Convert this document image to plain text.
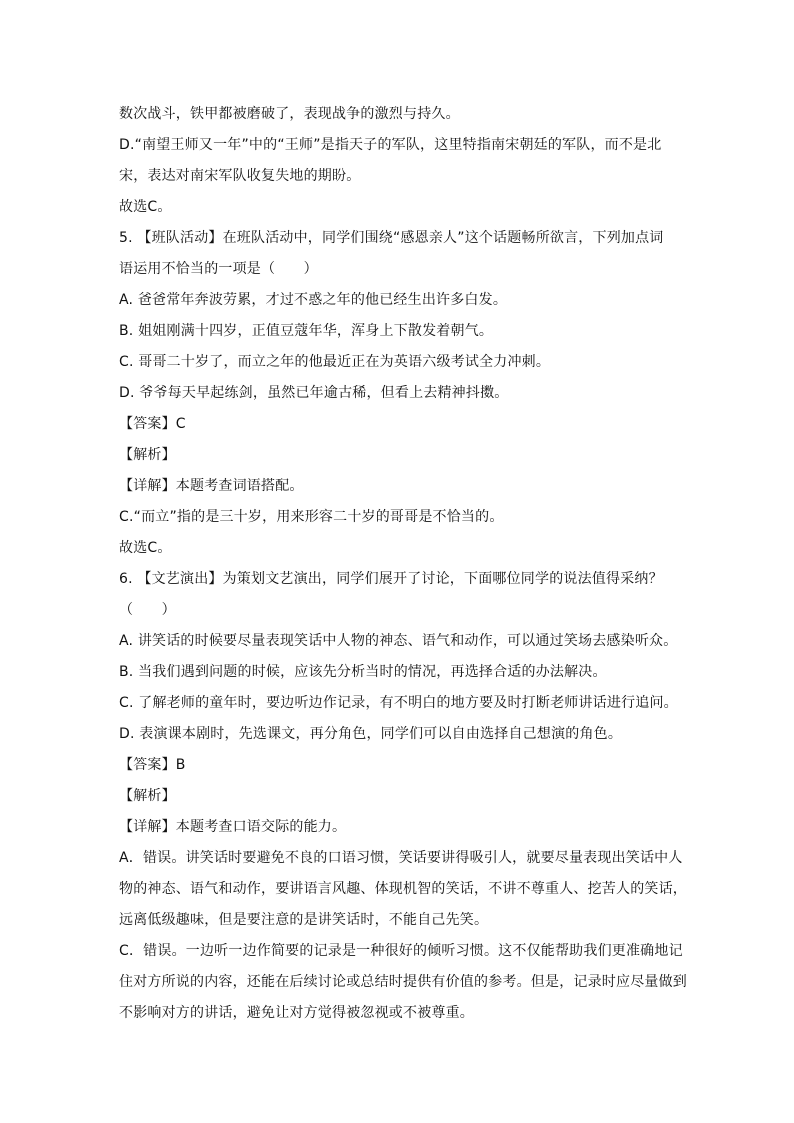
数次战斗，铁甲都被磨破了，表现战争的激烈与持久。
D.“南望王师又一年”中的“王师”是指天子的军队，这里特指南宋朝廷的军队，而不是北
宋，表达对南宋军队收复失地的期盼。
故选C。
5. 【班队活动】在班队活动中，同学们围绕“感恩亲人”这个话题畅所欲言，下列加点词
语运用不恰当的一项是（　　）
A. 爸爸常年奔波劳累，才过不惑之年的他已经生出许多白发。
B. 姐姐刚满十四岁，正值豆蔻年华，浑身上下散发着朝气。
C. 哥哥二十岁了，而立之年的他最近正在为英语六级考试全力冲刺。
D. 爷爷每天早起练剑，虽然已年逾古稀，但看上去精神抖擞。
【答案】C
【解析】
【详解】本题考查词语搭配。
C.“而立”指的是三十岁，用来形容二十岁的哥哥是不恰当的。
故选C。
6. 【文艺演出】为策划文艺演出，同学们展开了讨论，下面哪位同学的说法值得采纳？
（　　）
A. 讲笑话的时候要尽量表现笑话中人物的神态、语气和动作，可以通过笑场去感染听众。
B. 当我们遇到问题的时候，应该先分析当时的情况，再选择合适的办法解决。
C. 了解老师的童年时，要边听边作记录，有不明白的地方要及时打断老师讲话进行追问。
D. 表演课本剧时，先选课文，再分角色，同学们可以自由选择自己想演的角色。
【答案】B
【解析】
【详解】本题考查口语交际的能力。
A．错误。讲笑话时要避免不良的口语习惯，笑话要讲得吸引人，就要尽量表现出笑话中人
物的神态、语气和动作，要讲语言风趣、体现机智的笑话，不讲不尊重人、挖苦人的笑话，
远离低级趣味，但是要注意的是讲笑话时，不能自己先笑。
C．错误。一边听一边作简要的记录是一种很好的倾听习惯。这不仅能帮助我们更准确地记
住对方所说的内容，还能在后续讨论或总结时提供有价值的参考。但是，记录时应尽量做到
不影响对方的讲话，避免让对方觉得被忽视或不被尊重。
